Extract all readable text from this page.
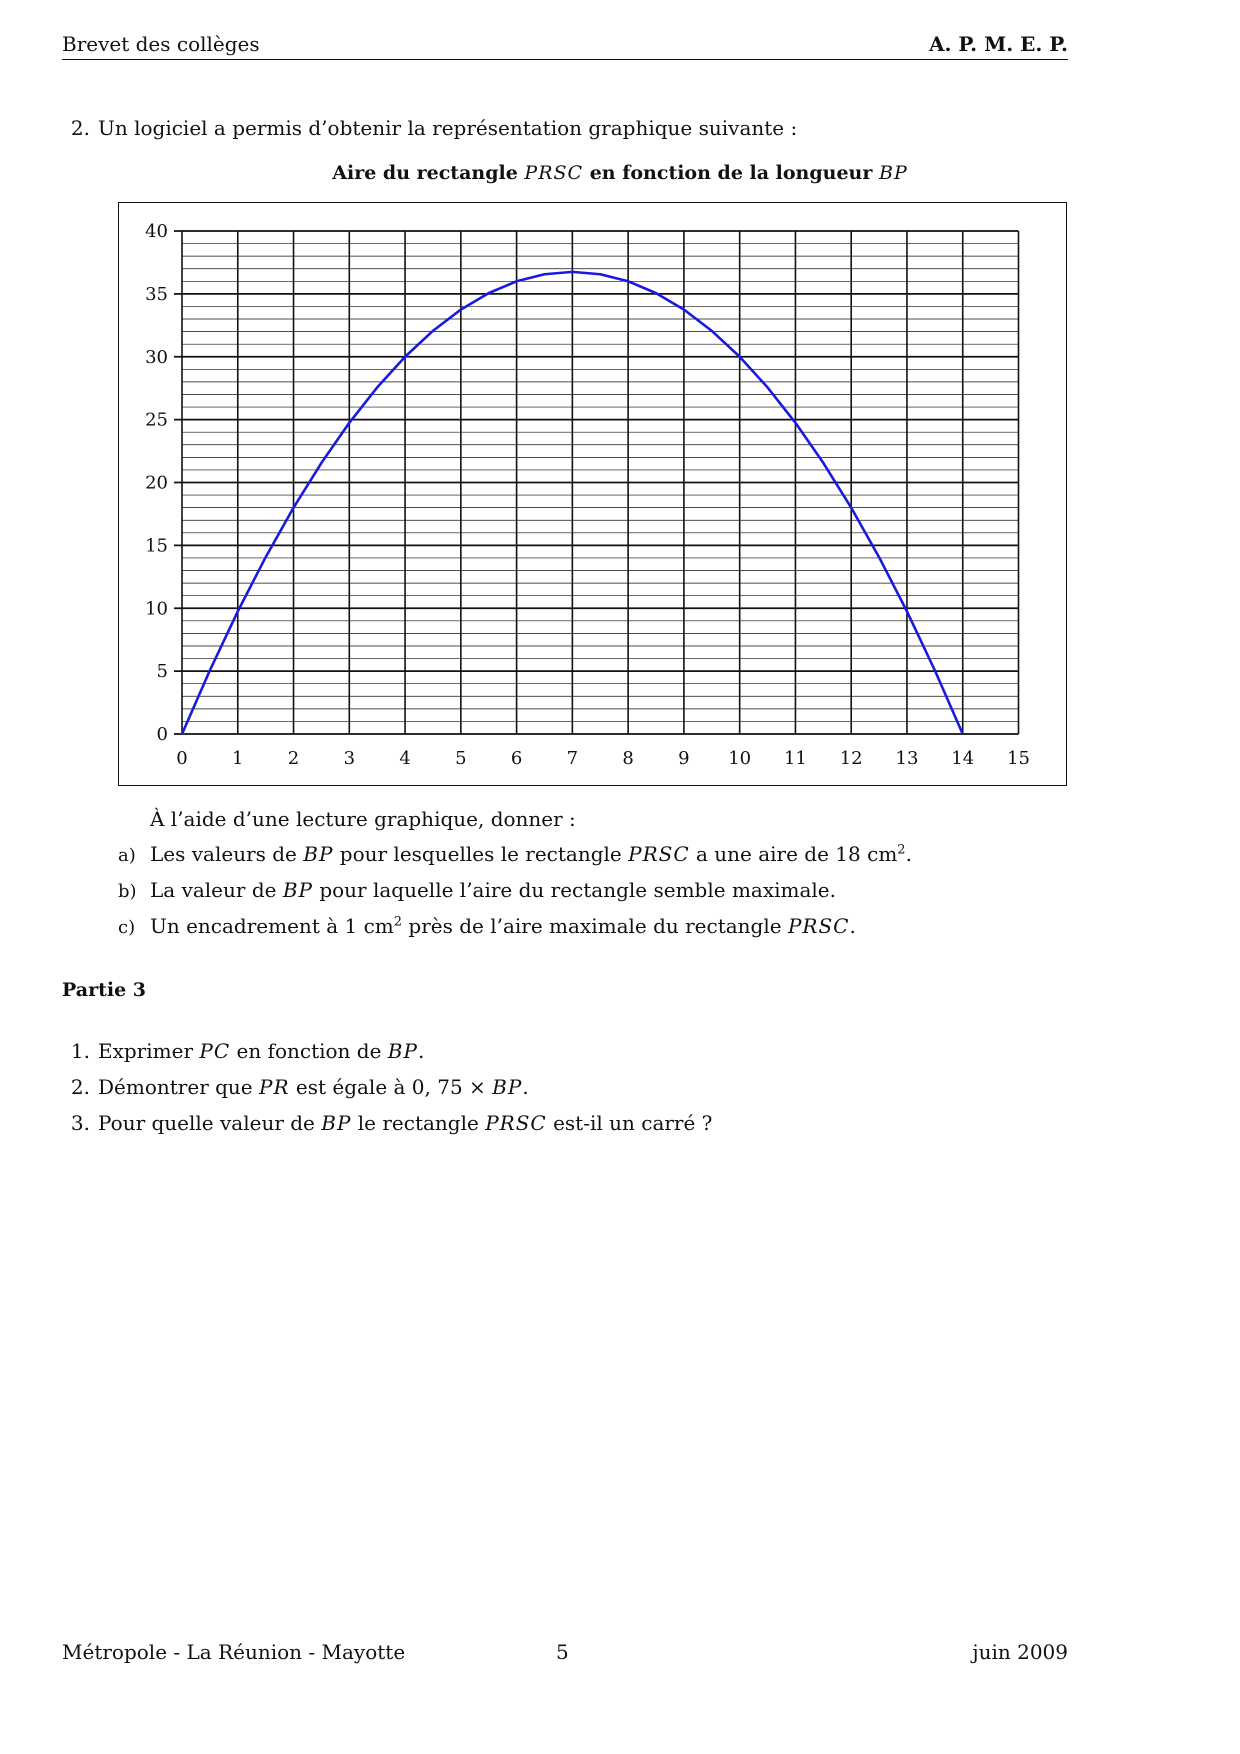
Brevet des collèges	A. P. M. E. P.
2. Un logiciel a permis d’obtenir la représentation graphique suivante :
Aire du rectangle PRSC en fonction de la longueur BP
0
5
10
15
20
25
30
35
40
0 1 2 3 4 5 6 7 8 9 10 11 12 13 14 15
À l’aide d’une lecture graphique, donner :
a) Les valeurs de BP pour lesquelles le rectangle PRSC a une aire de 18 $cm^2$.
b) La valeur de BP pour laquelle l’aire du rectangle semble maximale.
c) Un encadrement à 1 $cm^2$ près de l’aire maximale du rectangle PRSC.
Partie 3
1. Exprimer PC en fonction de BP.
2. Démontrer que PR est égale à 0, 75 × BP.
3. Pour quelle valeur de BP le rectangle PRSC est-il un carré ?
Métropole - La Réunion - Mayotte	5	juin 2009
